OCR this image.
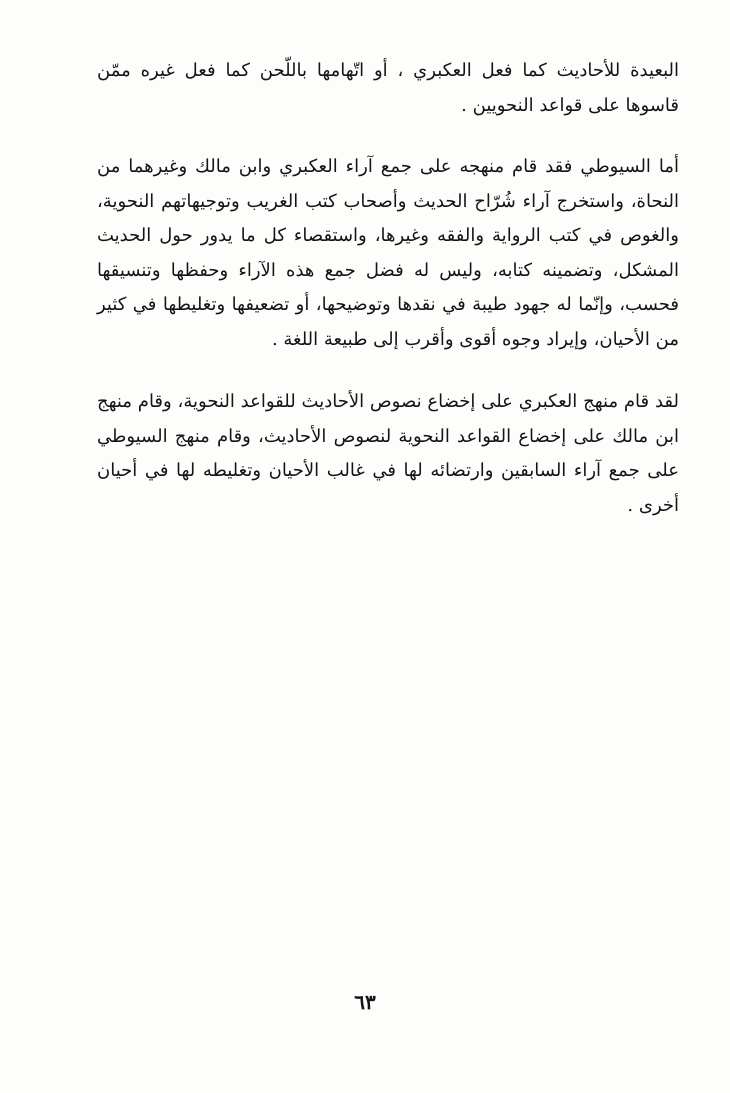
البعيدة للأحاديث كما فعل العكبري ، أو اتّهامها باللّحن كما فعل غيره ممّن قاسوها على قواعد النحويين .

أما السيوطي فقد قام منهجه على جمع آراء العكبري وابن مالك وغيرهما من النحاة، واستخرج آراء شُرّاح الحديث وأصحاب كتب الغريب وتوجيهاتهم النحوية، والغوص في كتب الرواية والفقه وغيرها، واستقصاء كل ما يدور حول الحديث المشكل، وتضمينه كتابه، وليس له فضل جمع هذه الآراء وحفظها وتنسيقها فحسب، وإنّما له جهود طيبة في نقدها وتوضيحها، أو تضعيفها وتغليطها في كثير من الأحيان، وإيراد وجوه أقوى وأقرب إلى طبيعة اللغة .

لقد قام منهج العكبري على إخضاع نصوص الأحاديث للقواعد النحوية، وقام منهج ابن مالك على إخضاع القواعد النحوية لنصوص الأحاديث، وقام منهج السيوطي على جمع آراء السابقين وارتضائه لها في غالب الأحيان وتغليطه لها في أحيان أخرى .

٦٣
